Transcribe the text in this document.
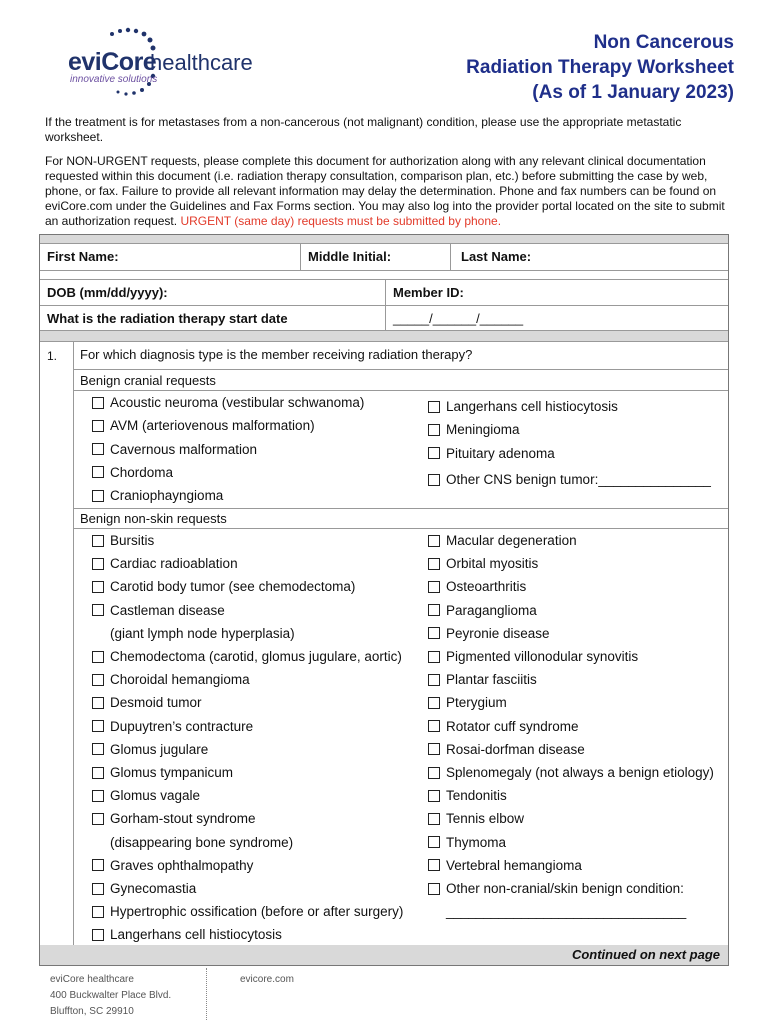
eviCore
healthcare
innovative solutions
Non Cancerous
Radiation Therapy Worksheet
(As of 1 January 2023)

If the treatment is for metastases from a non-cancerous (not malignant) condition, please use the appropriate metastatic worksheet.

For NON-URGENT requests, please complete this document for authorization along with any relevant clinical documentation requested within this document (i.e. radiation therapy consultation, comparison plan, etc.) before submitting the case by web, phone, or fax. Failure to provide all relevant information may delay the determination. Phone and fax numbers can be found on eviCore.com under the Guidelines and Fax Forms section. You may also log into the provider portal located on the site to submit an authorization request. URGENT (same day) requests must be submitted by phone.

First Name:	Middle Initial:	Last Name:
DOB (mm/dd/yyyy):	Member ID:
What is the radiation therapy start date	_____/______/______
1. For which diagnosis type is the member receiving radiation therapy?
Benign cranial requests
Acoustic neuroma (vestibular schwanoma)
AVM (arteriovenous malformation)
Cavernous malformation
Chordoma
Craniophayngioma
Langerhans cell histiocytosis
Meningioma
Pituitary adenoma
Other CNS benign tumor:_______________
Benign non-skin requests
Bursitis
Cardiac radioablation
Carotid body tumor (see chemodectoma)
Castleman disease
(giant lymph node hyperplasia)
Chemodectoma (carotid, glomus jugulare, aortic)
Choroidal hemangioma
Desmoid tumor
Dupuytren’s contracture
Glomus jugulare
Glomus tympanicum
Glomus vagale
Gorham-stout syndrome
(disappearing bone syndrome)
Graves ophthalmopathy
Gynecomastia
Hypertrophic ossification (before or after surgery)
Langerhans cell histiocytosis
Macular degeneration
Orbital myositis
Osteoarthritis
Paraganglioma
Peyronie disease
Pigmented villonodular synovitis
Plantar fasciitis
Pterygium
Rotator cuff syndrome
Rosai-dorfman disease
Splenomegaly (not always a benign etiology)
Tendonitis
Tennis elbow
Thymoma
Vertebral hemangioma
Other non-cranial/skin benign condition:
________________________________
Continued on next page
eviCore healthcare
400 Buckwalter Place Blvd.
Bluffton, SC 29910
evicore.com
